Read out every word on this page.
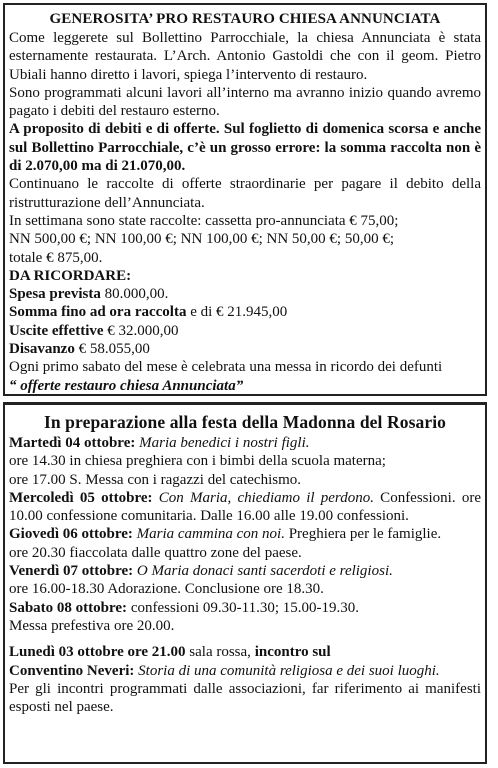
GENEROSITA’ PRO RESTAURO CHIESA ANNUNCIATA

Come leggerete sul Bollettino Parrocchiale, la chiesa Annunciata è stata esternamente restaurata. L’Arch. Antonio Gastoldi che con il geom. Pietro Ubiali hanno diretto i lavori, spiega l’intervento di restauro.

Sono programmati alcuni lavori all’interno ma avranno inizio quando avremo pagato i debiti del restauro esterno.

A proposito di debiti e di offerte. Sul foglietto di domenica scorsa e anche sul Bollettino Parrocchiale, c’è un grosso errore: la somma raccolta non è di 2.070,00 ma di 21.070,00.

Continuano le raccolte di offerte straordinarie per pagare il debito della ristrutturazione dell’Annunciata.

In settimana sono state raccolte: cassetta pro-annunciata € 75,00;

NN 500,00 €; NN 100,00 €; NN 100,00 €; NN 50,00 €; 50,00 €;

totale € 875,00.

DA RICORDARE:

Spesa prevista 80.000,00.

Somma fino ad ora raccolta e di € 21.945,00

Uscite effettive € 32.000,00

Disavanzo € 58.055,00

Ogni primo sabato del mese è celebrata una messa in ricordo dei defunti

“ offerte restauro chiesa Annunciata”

In preparazione alla festa della Madonna del Rosario

Martedì 04 ottobre: Maria benedici i nostri figli.

ore 14.30 in chiesa preghiera con i bimbi della scuola materna;

ore 17.00 S. Messa con i ragazzi del catechismo.

Mercoledì 05 ottobre: Con Maria, chiediamo il perdono. Confessioni. ore 10.00 confessione comunitaria. Dalle 16.00 alle 19.00 confessioni.

Giovedì 06 ottobre: Maria cammina con noi. Preghiera per le famiglie.

ore 20.30 fiaccolata dalle quattro zone del paese.

Venerdì 07 ottobre: O Maria donaci santi sacerdoti e religiosi.

ore 16.00-18.30 Adorazione. Conclusione ore 18.30.

Sabato 08 ottobre: confessioni 09.30-11.30; 15.00-19.30.

Messa prefestiva ore 20.00.

Lunedì 03 ottobre ore 21.00 sala rossa, incontro sul

Conventino Neveri: Storia di una comunità religiosa e dei suoi luoghi.

Per gli incontri programmati dalle associazioni, far riferimento ai manifesti esposti nel paese.
